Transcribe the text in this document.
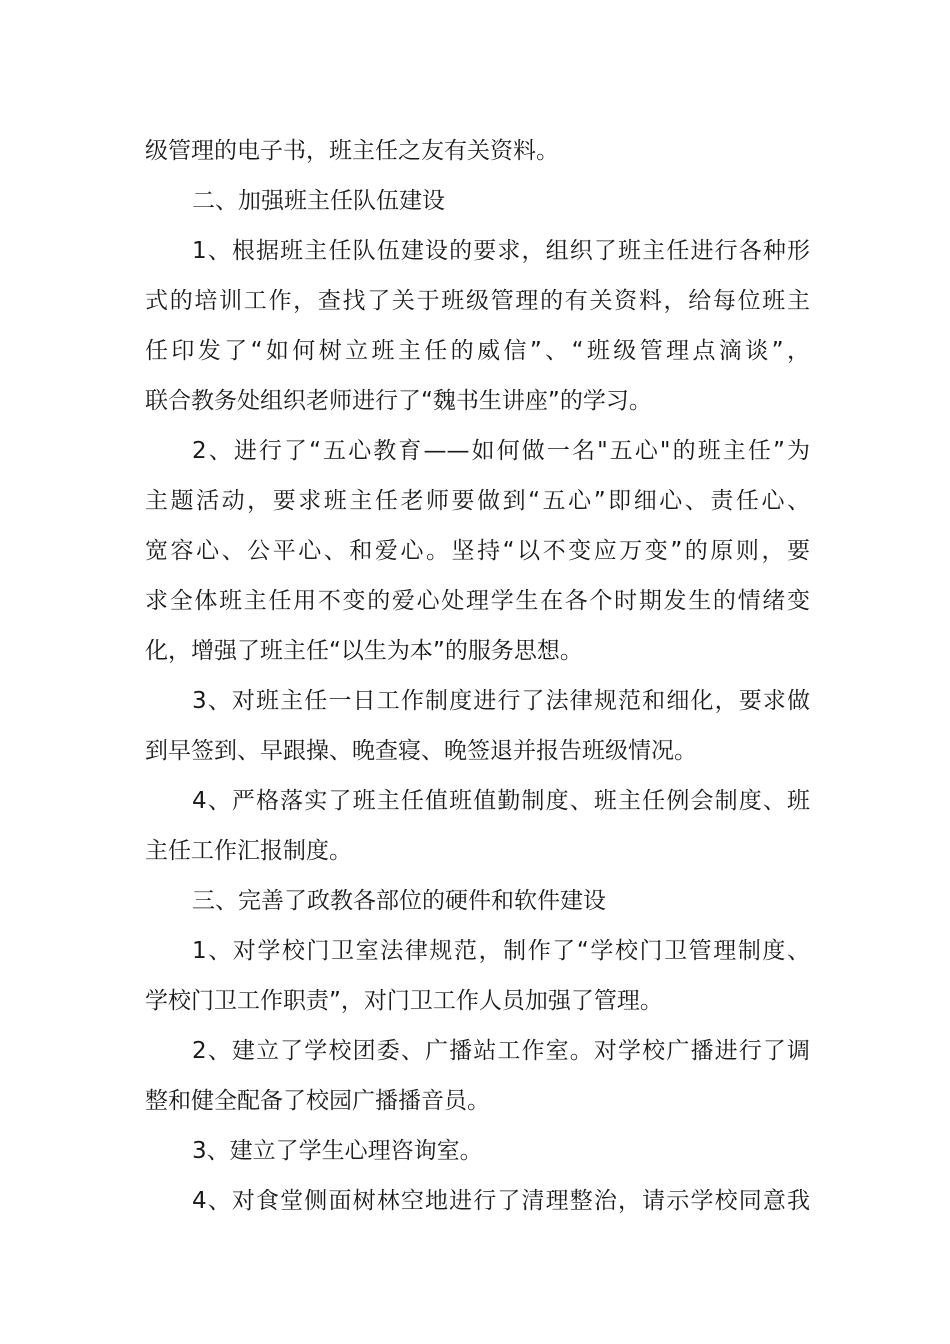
级管理的电子书，班主任之友有关资料。
二、加强班主任队伍建设
1、根据班主任队伍建设的要求，组织了班主任进行各种形
式的培训工作，查找了关于班级管理的有关资料，给每位班主
任印发了“如何树立班主任的威信”、“班级管理点滴谈”，
联合教务处组织老师进行了“魏书生讲座”的学习。
2、进行了“五心教育——如何做一名"五心"的班主任”为
主题活动，要求班主任老师要做到“五心”即细心、责任心、
宽容心、公平心、和爱心。坚持“以不变应万变”的原则，要
求全体班主任用不变的爱心处理学生在各个时期发生的情绪变
化，增强了班主任“以生为本”的服务思想。
3、对班主任一日工作制度进行了法律规范和细化，要求做
到早签到、早跟操、晚查寝、晚签退并报告班级情况。
4、严格落实了班主任值班值勤制度、班主任例会制度、班
主任工作汇报制度。
三、完善了政教各部位的硬件和软件建设
1、对学校门卫室法律规范，制作了“学校门卫管理制度、
学校门卫工作职责”，对门卫工作人员加强了管理。
2、建立了学校团委、广播站工作室。对学校广播进行了调
整和健全配备了校园广播播音员。
3、建立了学生心理咨询室。
4、对食堂侧面树林空地进行了清理整治，请示学校同意我
